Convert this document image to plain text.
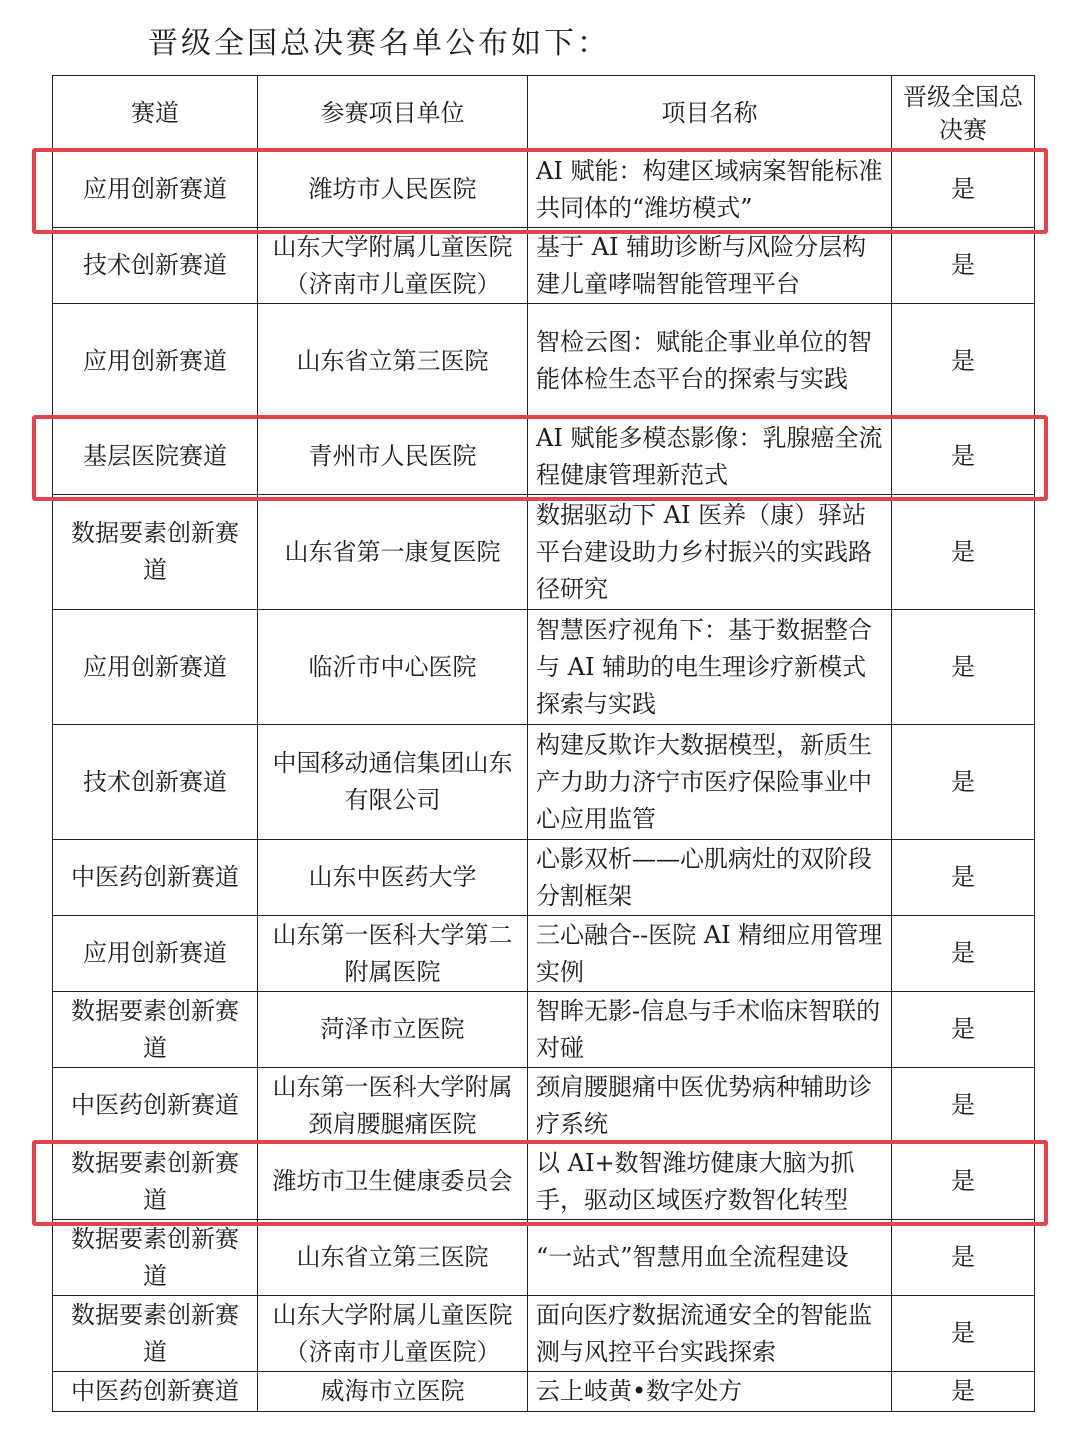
晋级全国总决赛名单公布如下：
赛道	参赛项目单位	项目名称	晋级全国总决赛
应用创新赛道	潍坊市人民医院	AI 赋能：构建区域病案智能标准共同体的“潍坊模式”	是
技术创新赛道	山东大学附属儿童医院（济南市儿童医院）	基于 AI 辅助诊断与风险分层构建儿童哮喘智能管理平台	是
应用创新赛道	山东省立第三医院	智检云图：赋能企事业单位的智能体检生态平台的探索与实践	是
基层医院赛道	青州市人民医院	AI 赋能多模态影像：乳腺癌全流程健康管理新范式	是
数据要素创新赛道	山东省第一康复医院	数据驱动下 AI 医养（康）驿站平台建设助力乡村振兴的实践路径研究	是
应用创新赛道	临沂市中心医院	智慧医疗视角下：基于数据整合与 AI 辅助的电生理诊疗新模式探索与实践	是
技术创新赛道	中国移动通信集团山东有限公司	构建反欺诈大数据模型，新质生产力助力济宁市医疗保险事业中心应用监管	是
中医药创新赛道	山东中医药大学	心影双析——心肌病灶的双阶段分割框架	是
应用创新赛道	山东第一医科大学第二附属医院	三心融合--医院 AI 精细应用管理实例	是
数据要素创新赛道	菏泽市立医院	智眸无影-信息与手术临床智联的对碰	是
中医药创新赛道	山东第一医科大学附属颈肩腰腿痛医院	颈肩腰腿痛中医优势病种辅助诊疗系统	是
数据要素创新赛道	潍坊市卫生健康委员会	以 AI+数智潍坊健康大脑为抓手，驱动区域医疗数智化转型	是
数据要素创新赛道	山东省立第三医院	“一站式”智慧用血全流程建设	是
数据要素创新赛道	山东大学附属儿童医院（济南市儿童医院）	面向医疗数据流通安全的智能监测与风控平台实践探索	是
中医药创新赛道	威海市立医院	云上岐黄•数字处方	是
